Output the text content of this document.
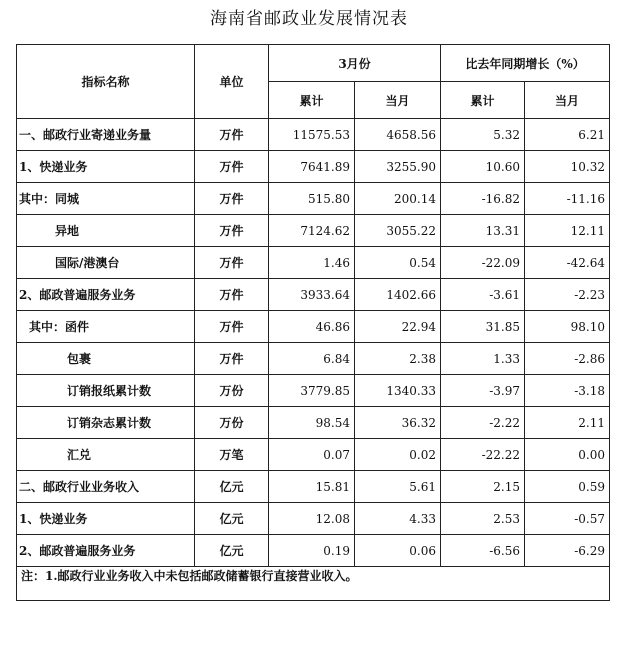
海南省邮政业发展情况表
指标名称	单位	3月份		比去年同期增长（%）	
		累计	当月	累计	当月
一、邮政行业寄递业务量	万件	11575.53	4658.56	5.32	6.21
1、快递业务	万件	7641.89	3255.90	10.60	10.32
其中：同城	万件	515.80	200.14	-16.82	-11.16
异地	万件	7124.62	3055.22	13.31	12.11
国际/港澳台	万件	1.46	0.54	-22.09	-42.64
2、邮政普遍服务业务	万件	3933.64	1402.66	-3.61	-2.23
其中：函件	万件	46.86	22.94	31.85	98.10
包裹	万件	6.84	2.38	1.33	-2.86
订销报纸累计数	万份	3779.85	1340.33	-3.97	-3.18
订销杂志累计数	万份	98.54	36.32	-2.22	2.11
汇兑	万笔	0.07	0.02	-22.22	0.00
二、邮政行业业务收入	亿元	15.81	5.61	2.15	0.59
1、快递业务	亿元	12.08	4.33	2.53	-0.57
2、邮政普遍服务业务	亿元	0.19	0.06	-6.56	-6.29
注：1.邮政行业业务收入中未包括邮政储蓄银行直接营业收入。					
